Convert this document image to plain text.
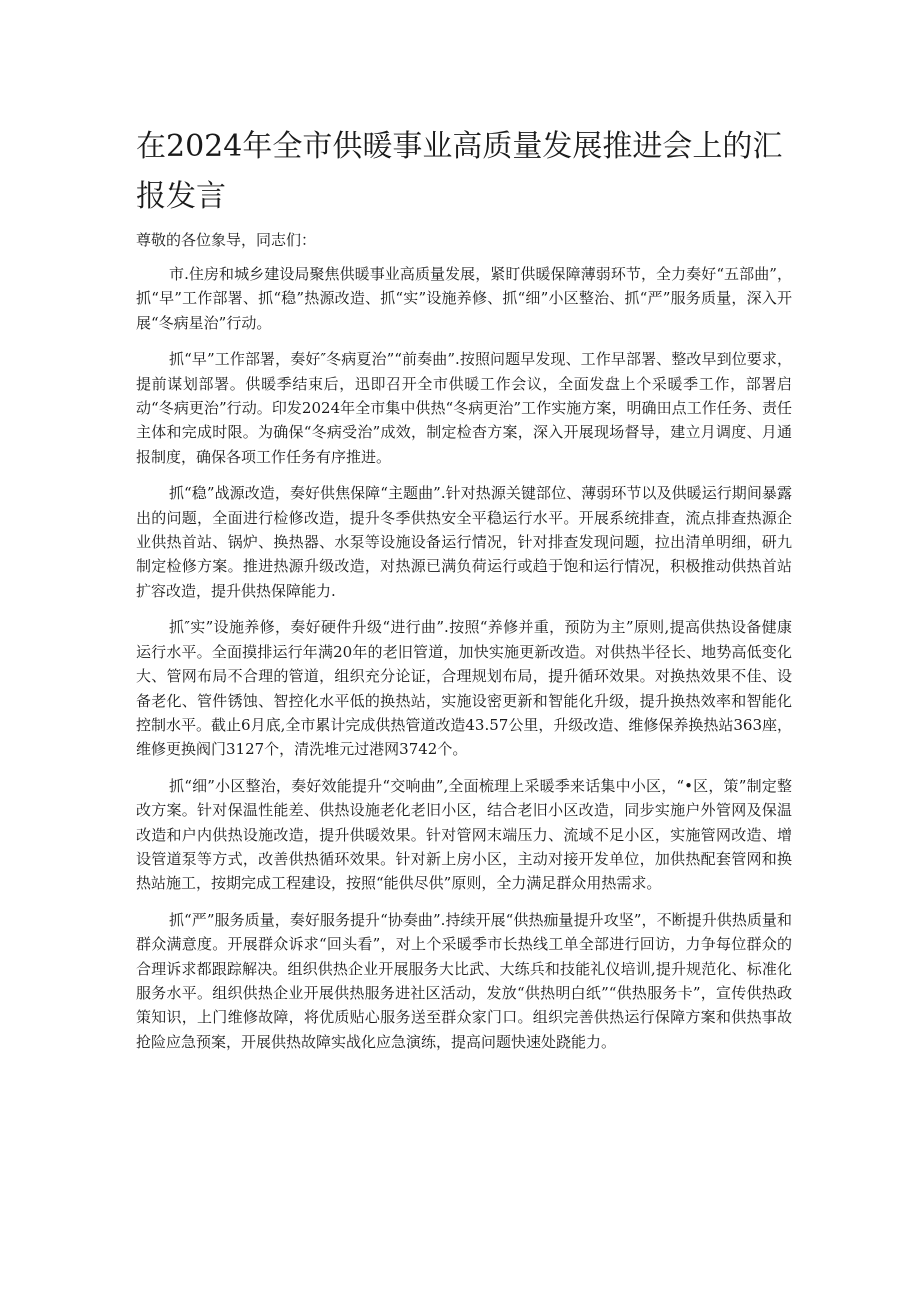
在2024年全市供暖事业高质量发展推进会上的汇报发言

尊敬的各位象导，同志们：

市.住房和城乡建设局聚焦供暖事业高质量发展，紧盯供暖保障薄弱环节，全力奏好“五部曲”，抓“早”工作部署、抓“稳”热源改造、抓“实”设施养修、抓“细”小区整治、抓“严”服务质量，深入开展“冬病星治”行动。

抓“早”工作部署，奏好″冬病夏治”“前奏曲”.按照问题早发现、工作早部署、整改早到位要求，提前谋划部署。供暖季结束后，迅即召开全市供暖工作会议，全面发盘上个采暖季工作，部署启动“冬病更治”行动。印发2024年全市集中供热“冬病更治”工作实施方案，明确田点工作任务、责任主体和完成时限。为确保“冬病受治”成效，制定检杳方案，深入开展现场督导，建立月调度、月通报制度，确保各项工作任务有序推进。

抓“稳”战源改造，奏好供焦保障“主题曲”.针对热源关键部位、薄弱环节以及供暖运行期间暴露出的问题，全面进行检修改造，提升冬季供热安全平稳运行水平。开展系统排查，流点排查热源企业供热首站、锅炉、换热器、水泵等设施设备运行情况，针对排查发现问题，拉出清单明细，研九制定检修方案。推进热源升级改造，对热源已满负荷运行或趋于饱和运行情况，积极推动供热首站扩容改造，提升供热保障能力.

抓″实”设施养修，奏好硬件升级“进行曲”.按照“养修并重，预防为主”原则,提高供热设备健康运行水平。全面摸排运行年满20年的老旧管道，加快实施更新改造。对供热半径长、地势高低变化大、管网布局不合理的管道，组织充分论证，合理规划布局，提升循环效果。对换热效果不佳、设备老化、管件锈蚀、智控化水平低的换热站，实施设密更新和智能化升级，提升换热效率和智能化控制水平。截止6月底,全市累计完成供热管道改造43.57公里，升级改造、维修保养换热站363座，维修更换阀门3127个，清洗堆元过港网3742个。

抓“细”小区整治，奏好效能提升“交响曲”,全面梳理上采暖季来话集中小区，“•区，策”制定整改方案。针对保温性能差、供热设施老化老旧小区，结合老旧小区改造，同步实施户外管网及保温改造和户内供热设施改造，提升供暖效果。针对管网末端压力、流域不足小区，实施管网改造、增设管道泵等方式，改善供热循环效果。针对新上房小区，主动对接开发单位，加供热配套管网和换热站施工，按期完成工程建设，按照“能供尽供”原则，全力满足群众用热需求。

抓“严”服务质量，奏好服务提升“协奏曲”.持续开展“供热痂量提升攻坚”，不断提升供热质量和群众满意度。开展群众诉求“回头看”，对上个采暖季市长热线工单全部进行回访，力争每位群众的合理诉求都跟踪解决。组织供热企业开展服务大比武、大练兵和技能礼仪培训,提升规范化、标准化服务水平。组织供热企业开展供热服务进社区活动，发放“供热明白纸”“供热服务卡”，宣传供热政策知识，上门维修故障，将优质贴心服务送至群众家门口。组织完善供热运行保障方案和供热事故抢险应急预案，开展供热故障实战化应急演练，提高问题快速处跷能力。
